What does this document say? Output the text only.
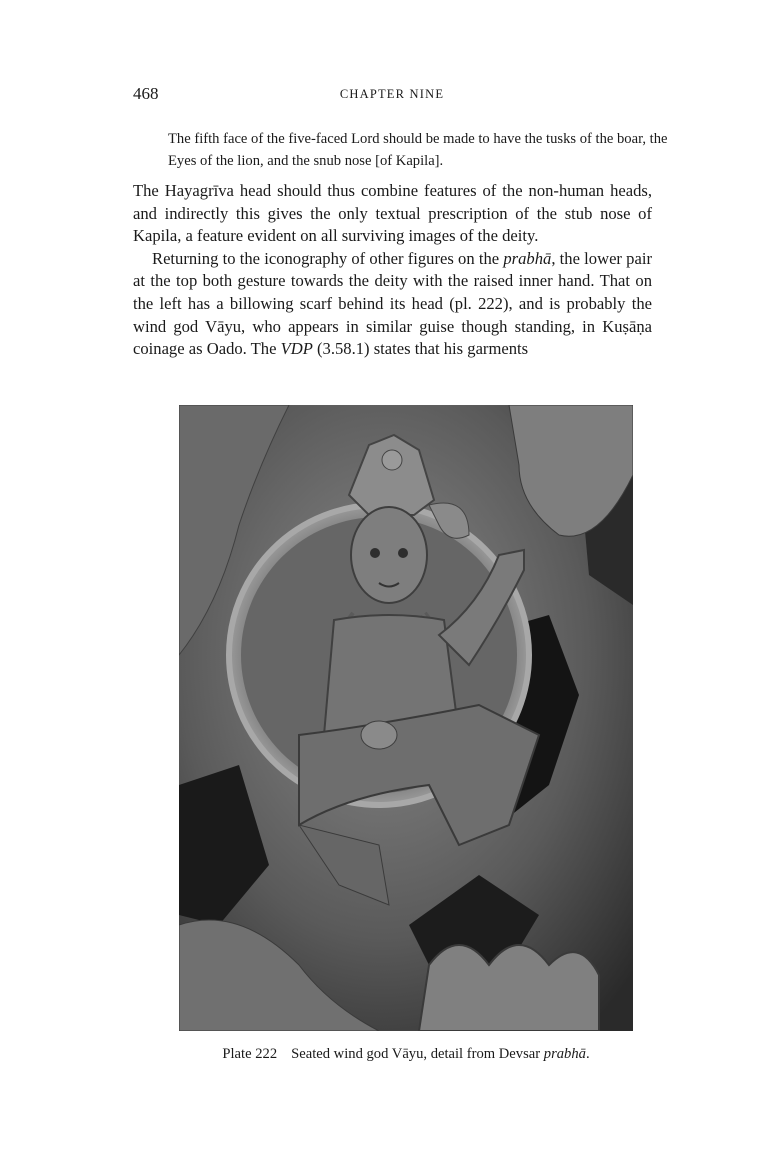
468	CHAPTER NINE

The fifth face of the five-faced Lord should be made to have the tusks of the boar, the Eyes of the lion, and the snub nose [of Kapila].

The Hayagrīva head should thus combine features of the non-human heads, and indirectly this gives the only textual prescription of the stub nose of Kapila, a feature evident on all surviving images of the deity.

Returning to the iconography of other figures on the prabhā, the lower pair at the top both gesture towards the deity with the raised inner hand. That on the left has a billowing scarf behind its head (pl. 222), and is probably the wind god Vāyu, who appears in similar guise though standing, in Kuṣāṇa coinage as Oado. The VDP (3.58.1) states that his garments

Plate 222 Seated wind god Vāyu, detail from Devsar prabhā.
